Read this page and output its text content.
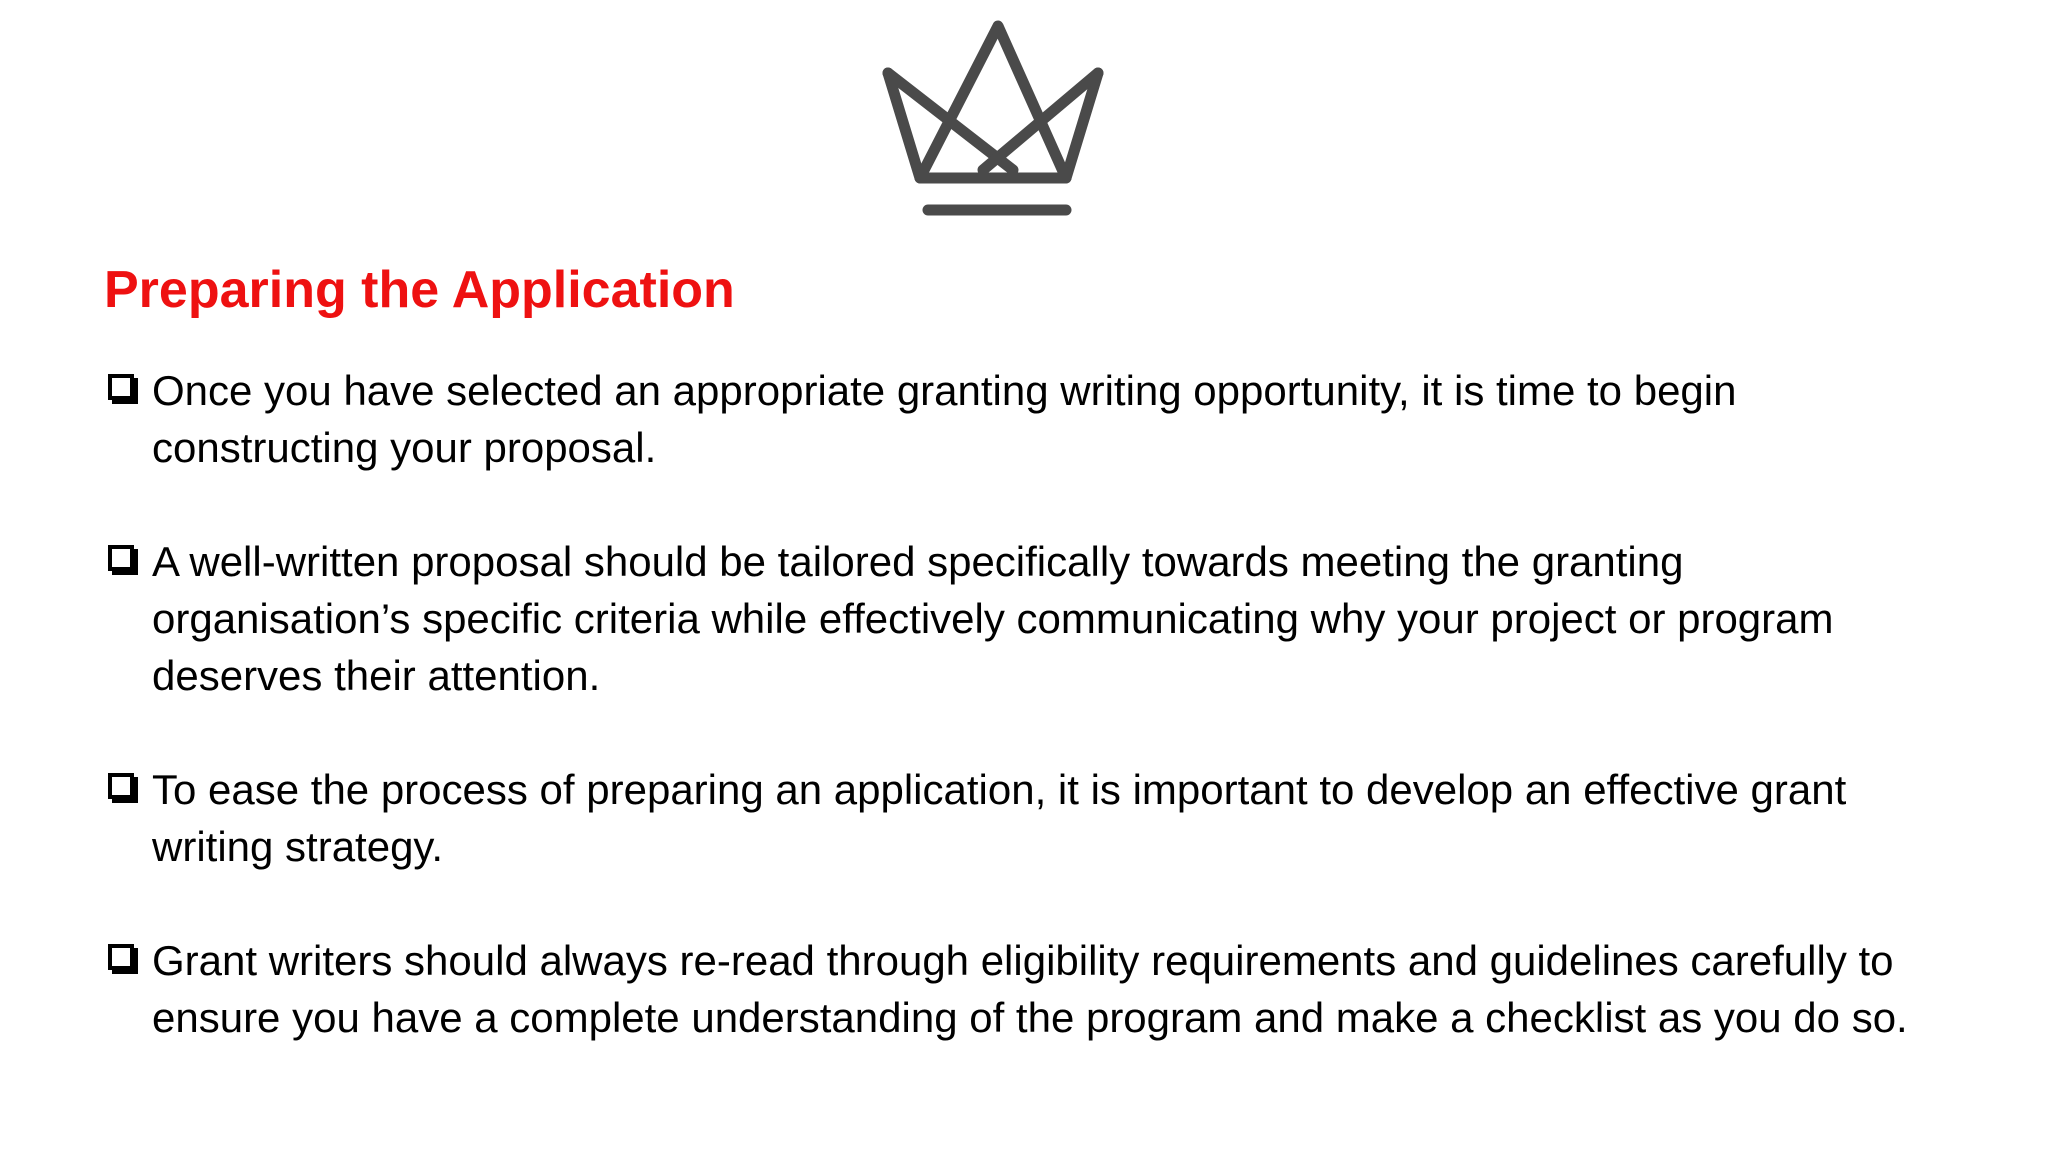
Preparing the Application
Once you have selected an appropriate granting writing opportunity, it is time to begin
constructing your proposal.
A well-written proposal should be tailored specifically towards meeting the granting
organisation’s specific criteria while effectively communicating why your project or program
deserves their attention.
To ease the process of preparing an application, it is important to develop an effective grant
writing strategy.
Grant writers should always re-read through eligibility requirements and guidelines carefully to
ensure you have a complete understanding of the program and make a checklist as you do so.
